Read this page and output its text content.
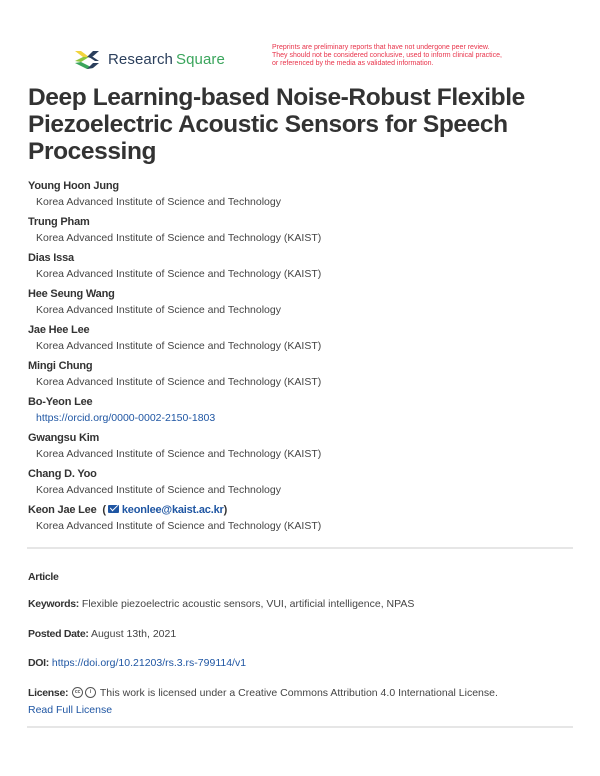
Research Square
Preprints are preliminary reports that have not undergone peer review.
They should not be considered conclusive, used to inform clinical practice,
or referenced by the media as validated information.
Deep Learning-based Noise-Robust Flexible
Piezoelectric Acoustic Sensors for Speech
Processing
Young Hoon Jung
Korea Advanced Institute of Science and Technology
Trung Pham
Korea Advanced Institute of Science and Technology (KAIST)
Dias Issa
Korea Advanced Institute of Science and Technology (KAIST)
Hee Seung Wang
Korea Advanced Institute of Science and Technology
Jae Hee Lee
Korea Advanced Institute of Science and Technology (KAIST)
Mingi Chung
Korea Advanced Institute of Science and Technology (KAIST)
Bo-Yeon Lee
https://orcid.org/0000-0002-2150-1803
Gwangsu Kim
Korea Advanced Institute of Science and Technology (KAIST)
Chang D. Yoo
Korea Advanced Institute of Science and Technology
Keon Jae Lee ( keonlee@kaist.ac.kr)
Korea Advanced Institute of Science and Technology (KAIST)
Article
Keywords: Flexible piezoelectric acoustic sensors, VUI, artificial intelligence, NPAS
Posted Date: August 13th, 2021
DOI: https://doi.org/10.21203/rs.3.rs-799114/v1
License: cc i This work is licensed under a Creative Commons Attribution 4.0 International License.
Read Full License
